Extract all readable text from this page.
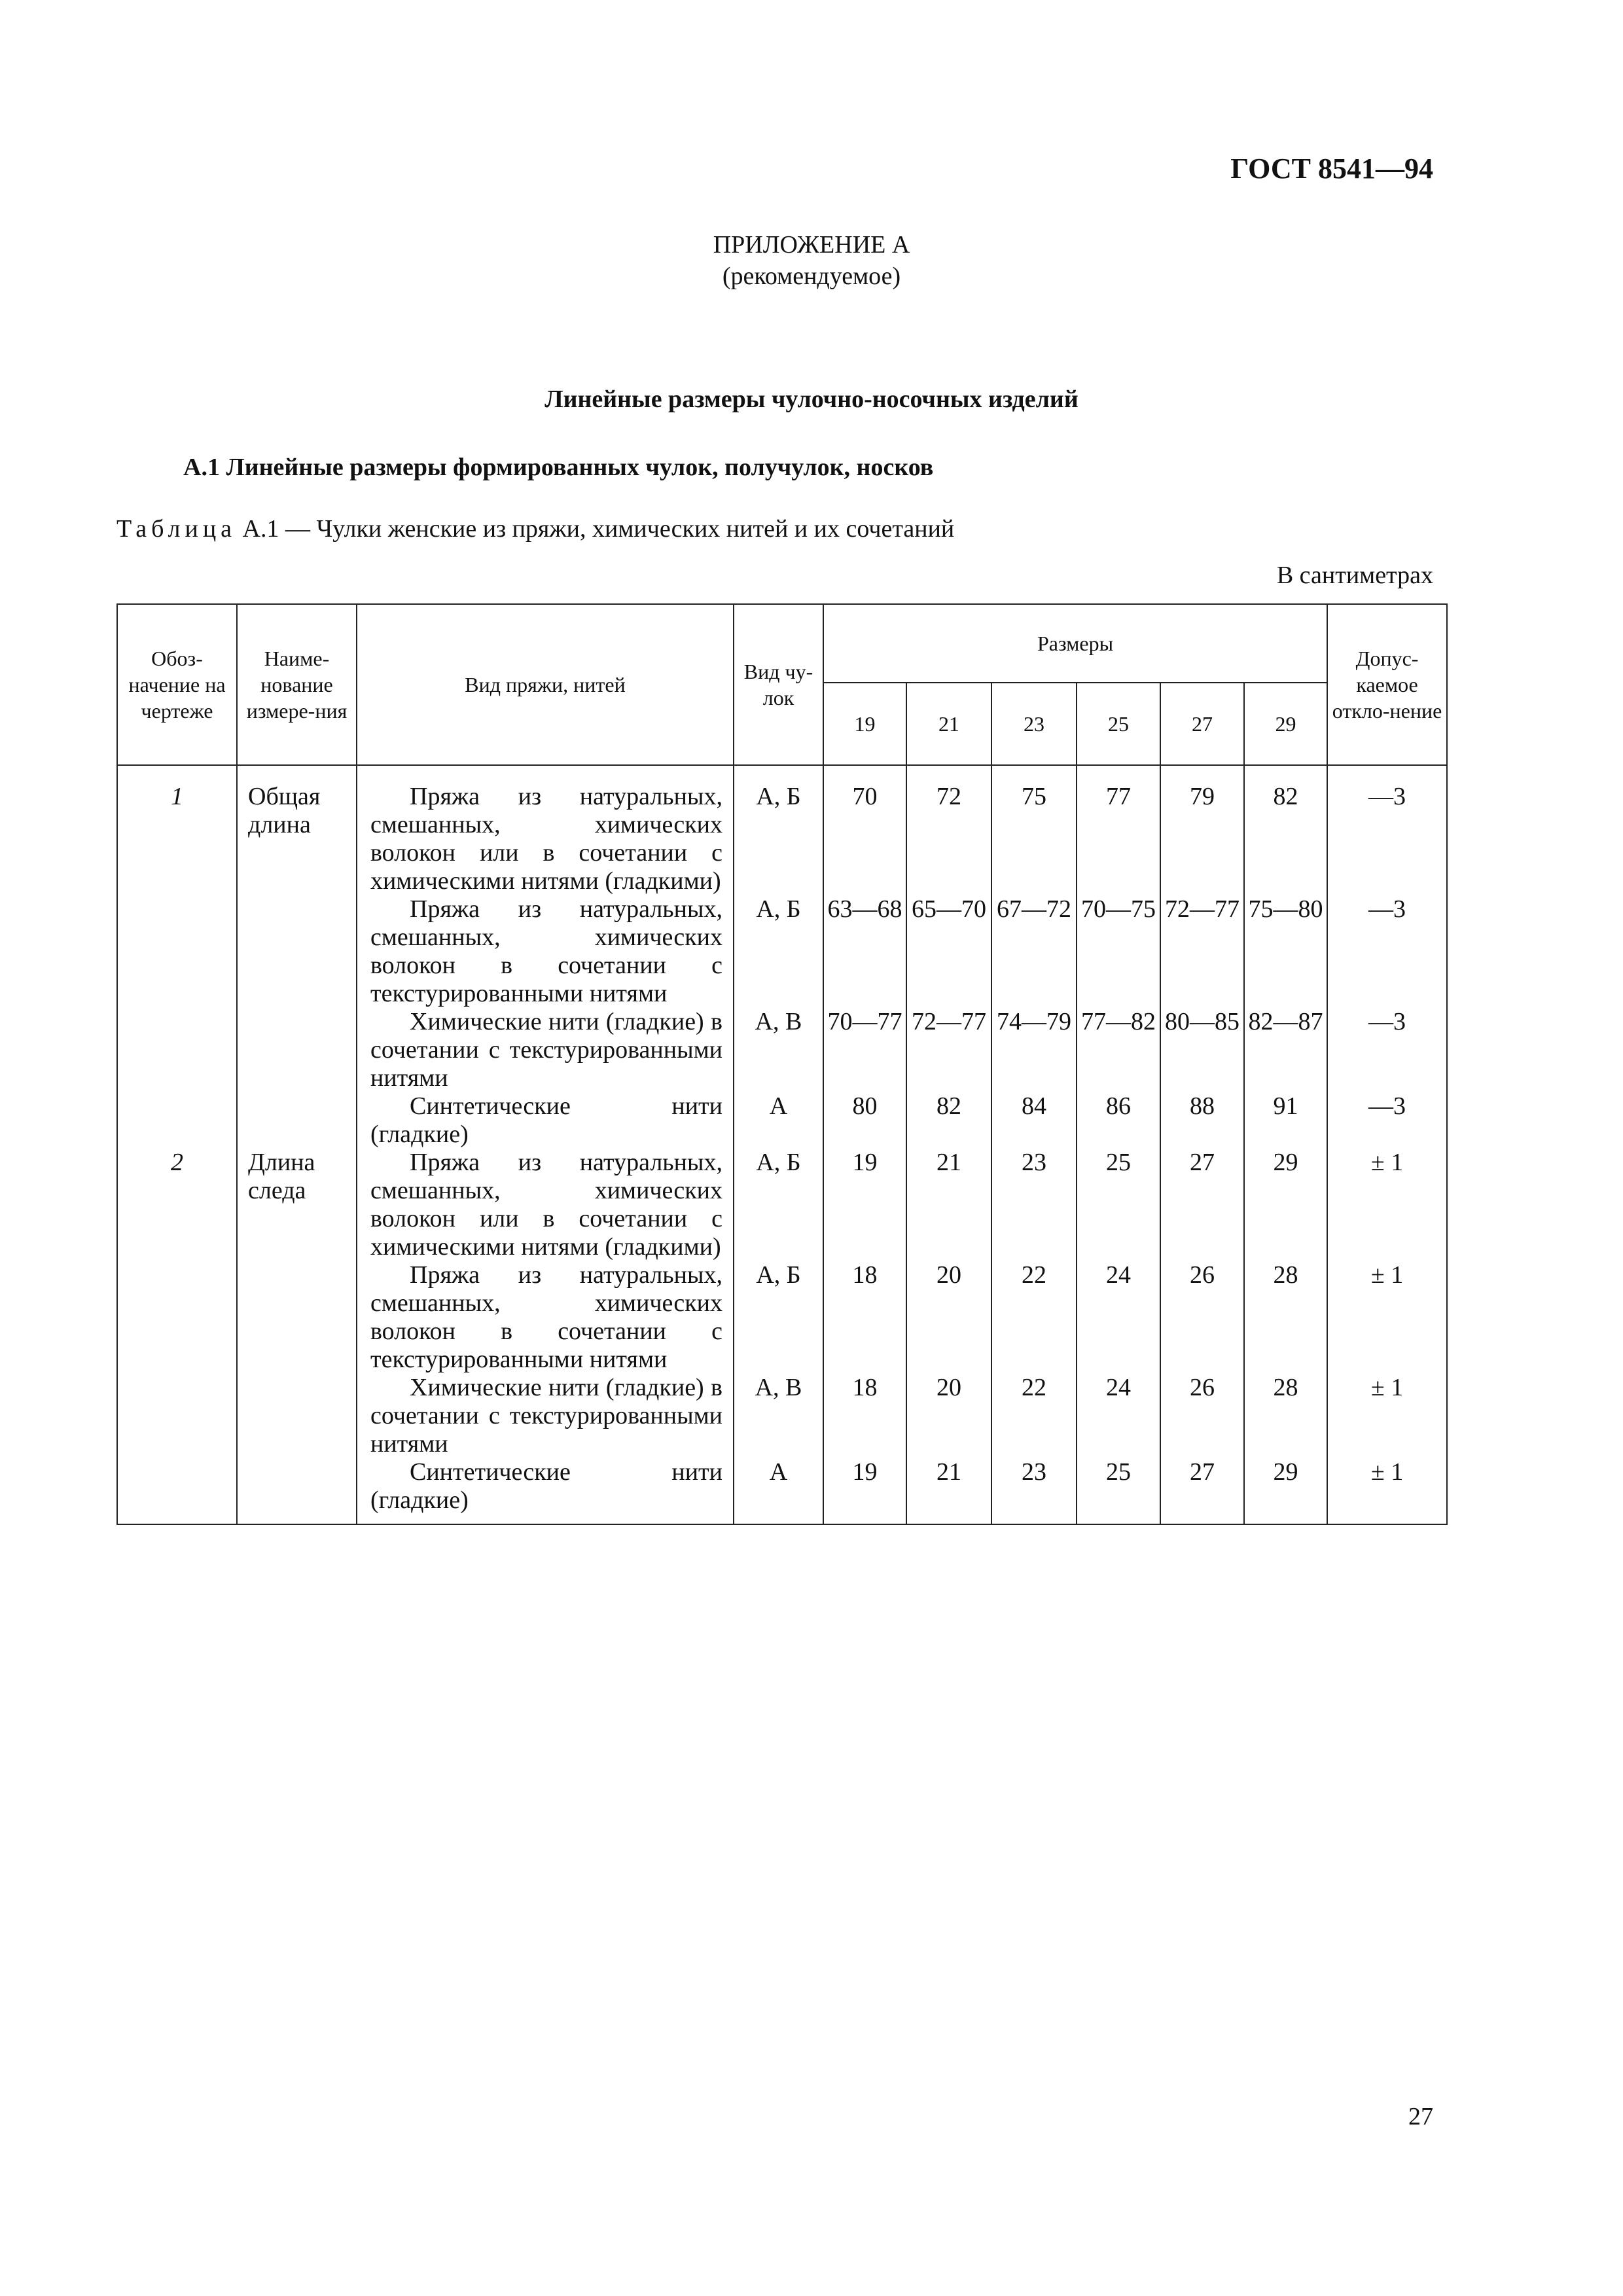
ГОСТ 8541—94
ПРИЛОЖЕНИЕ А
(рекомендуемое)
Линейные размеры чулочно-носочных изделий
А.1 Линейные размеры формированных чулок, получулок, носков
Таблица А.1 — Чулки женские из пряжи, химических нитей и их сочетаний
В сантиметрах
Обоз-начение на чертеже	Наиме-нование измере-ния	Вид пряжи, нитей	Вид чу-лок	Размеры						Допус-каемое откло-нение
				19	21	23	25	27	29	
1	Общая длина	Пряжа из натуральных, смешанных, химических волокон или в сочетании с химическими нитями (гладкими)	А, Б	70	72	75	77	79	82	—3

		Пряжа из натуральных, смешанных, химических волокон в сочетании с текстурированными нитями	А, Б	63—68	65—70	67—72	70—75	72—77	75—80	—3

		Химические нити (гладкие) в сочетании с текстурированными нитями	А, В	70—77	72—77	74—79	77—82	80—85	82—87	—3

		Синтетические нити (гладкие)	А	80	82	84	86	88	91	—3
2	Длина следа	Пряжа из натуральных, смешанных, химических волокон или в сочетании с химическими нитями (гладкими)	А, Б	19	21	23	25	27	29	± 1

		Пряжа из натуральных, смешанных, химических волокон в сочетании с текстурированными нитями	А, Б	18	20	22	24	26	28	± 1

		Химические нити (гладкие) в сочетании с текстурированными нитями	А, В	18	20	22	24	26	28	± 1

		Синтетические нити (гладкие)	А	19	21	23	25	27	29	± 1
27
